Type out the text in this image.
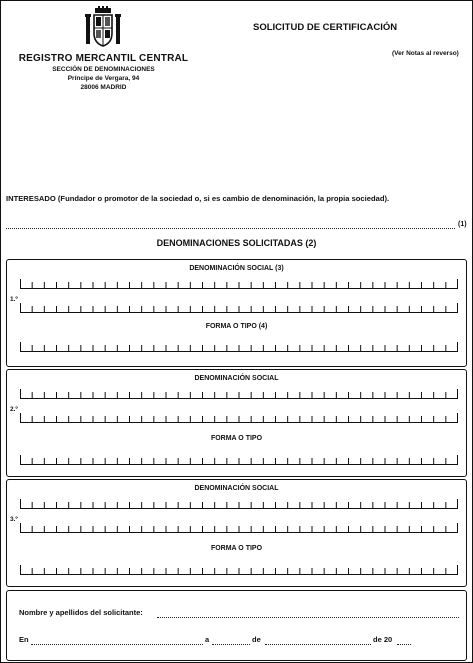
REGISTRO MERCANTIL CENTRAL
SECCIÓN DE DENOMINACIONES
Príncipe de Vergara, 94
28006 MADRID
SOLICITUD DE CERTIFICACIÓN
(Ver Notas al reverso)
INTERESADO (Fundador o promotor de la sociedad o, si es cambio de denominación, la propia sociedad).
(1)
DENOMINACIONES SOLICITADAS (2)
DENOMINACIÓN SOCIAL (3)
1.º
FORMA O TIPO (4)
DENOMINACIÓN SOCIAL
2.º
FORMA O TIPO
DENOMINACIÓN SOCIAL
3.º
FORMA O TIPO
Nombre y apellidos del solicitante:
En	a	de	de 20
